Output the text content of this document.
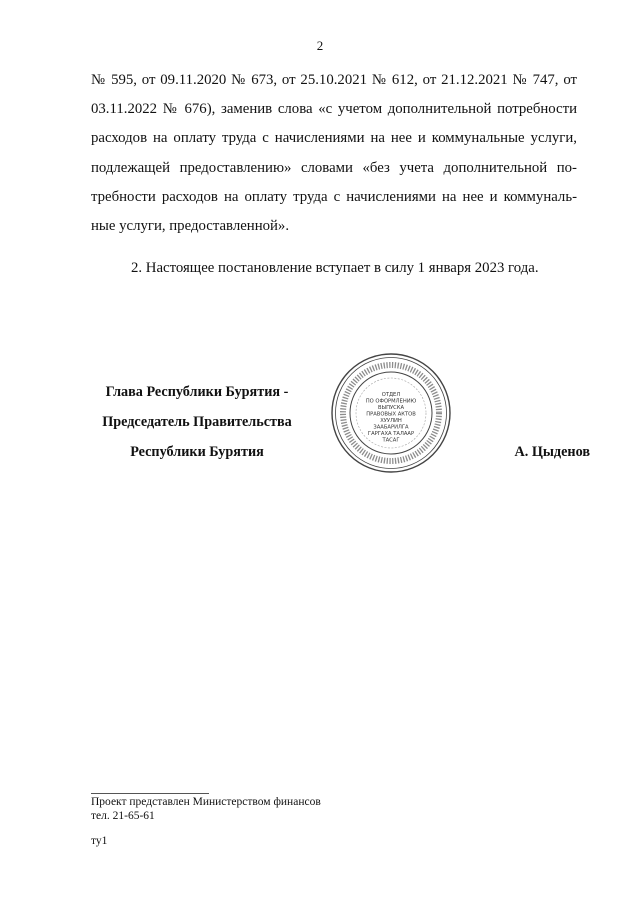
2
№ 595, от 09.11.2020 № 673, от 25.10.2021 № 612, от 21.12.2021 № 747, от
03.11.2022 № 676), заменив слова «с учетом дополнительной потребности
расходов на оплату труда с начислениями на нее и коммунальные услуги,
подлежащей предоставлению» словами «без учета дополнительной по-
требности расходов на оплату труда с начислениями на нее и коммуналь-
ные услуги, предоставленной».
2. Настоящее постановление вступает в силу 1 января 2023 года.
Глава Республики Бурятия -
Председатель Правительства
Республики Бурятия
ОТДЕЛ
ПО ОФОРМЛЕНИЮ
ВЫПУСКА
ПРАВОВЫХ АКТОВ
ХУУЛИН
ЗААБАРИЛГА
ГАРГАХА ТАЛААР
ТАСАГ
А. Цыденов
Проект представлен Министерством финансов
тел. 21-65-61
ту1
